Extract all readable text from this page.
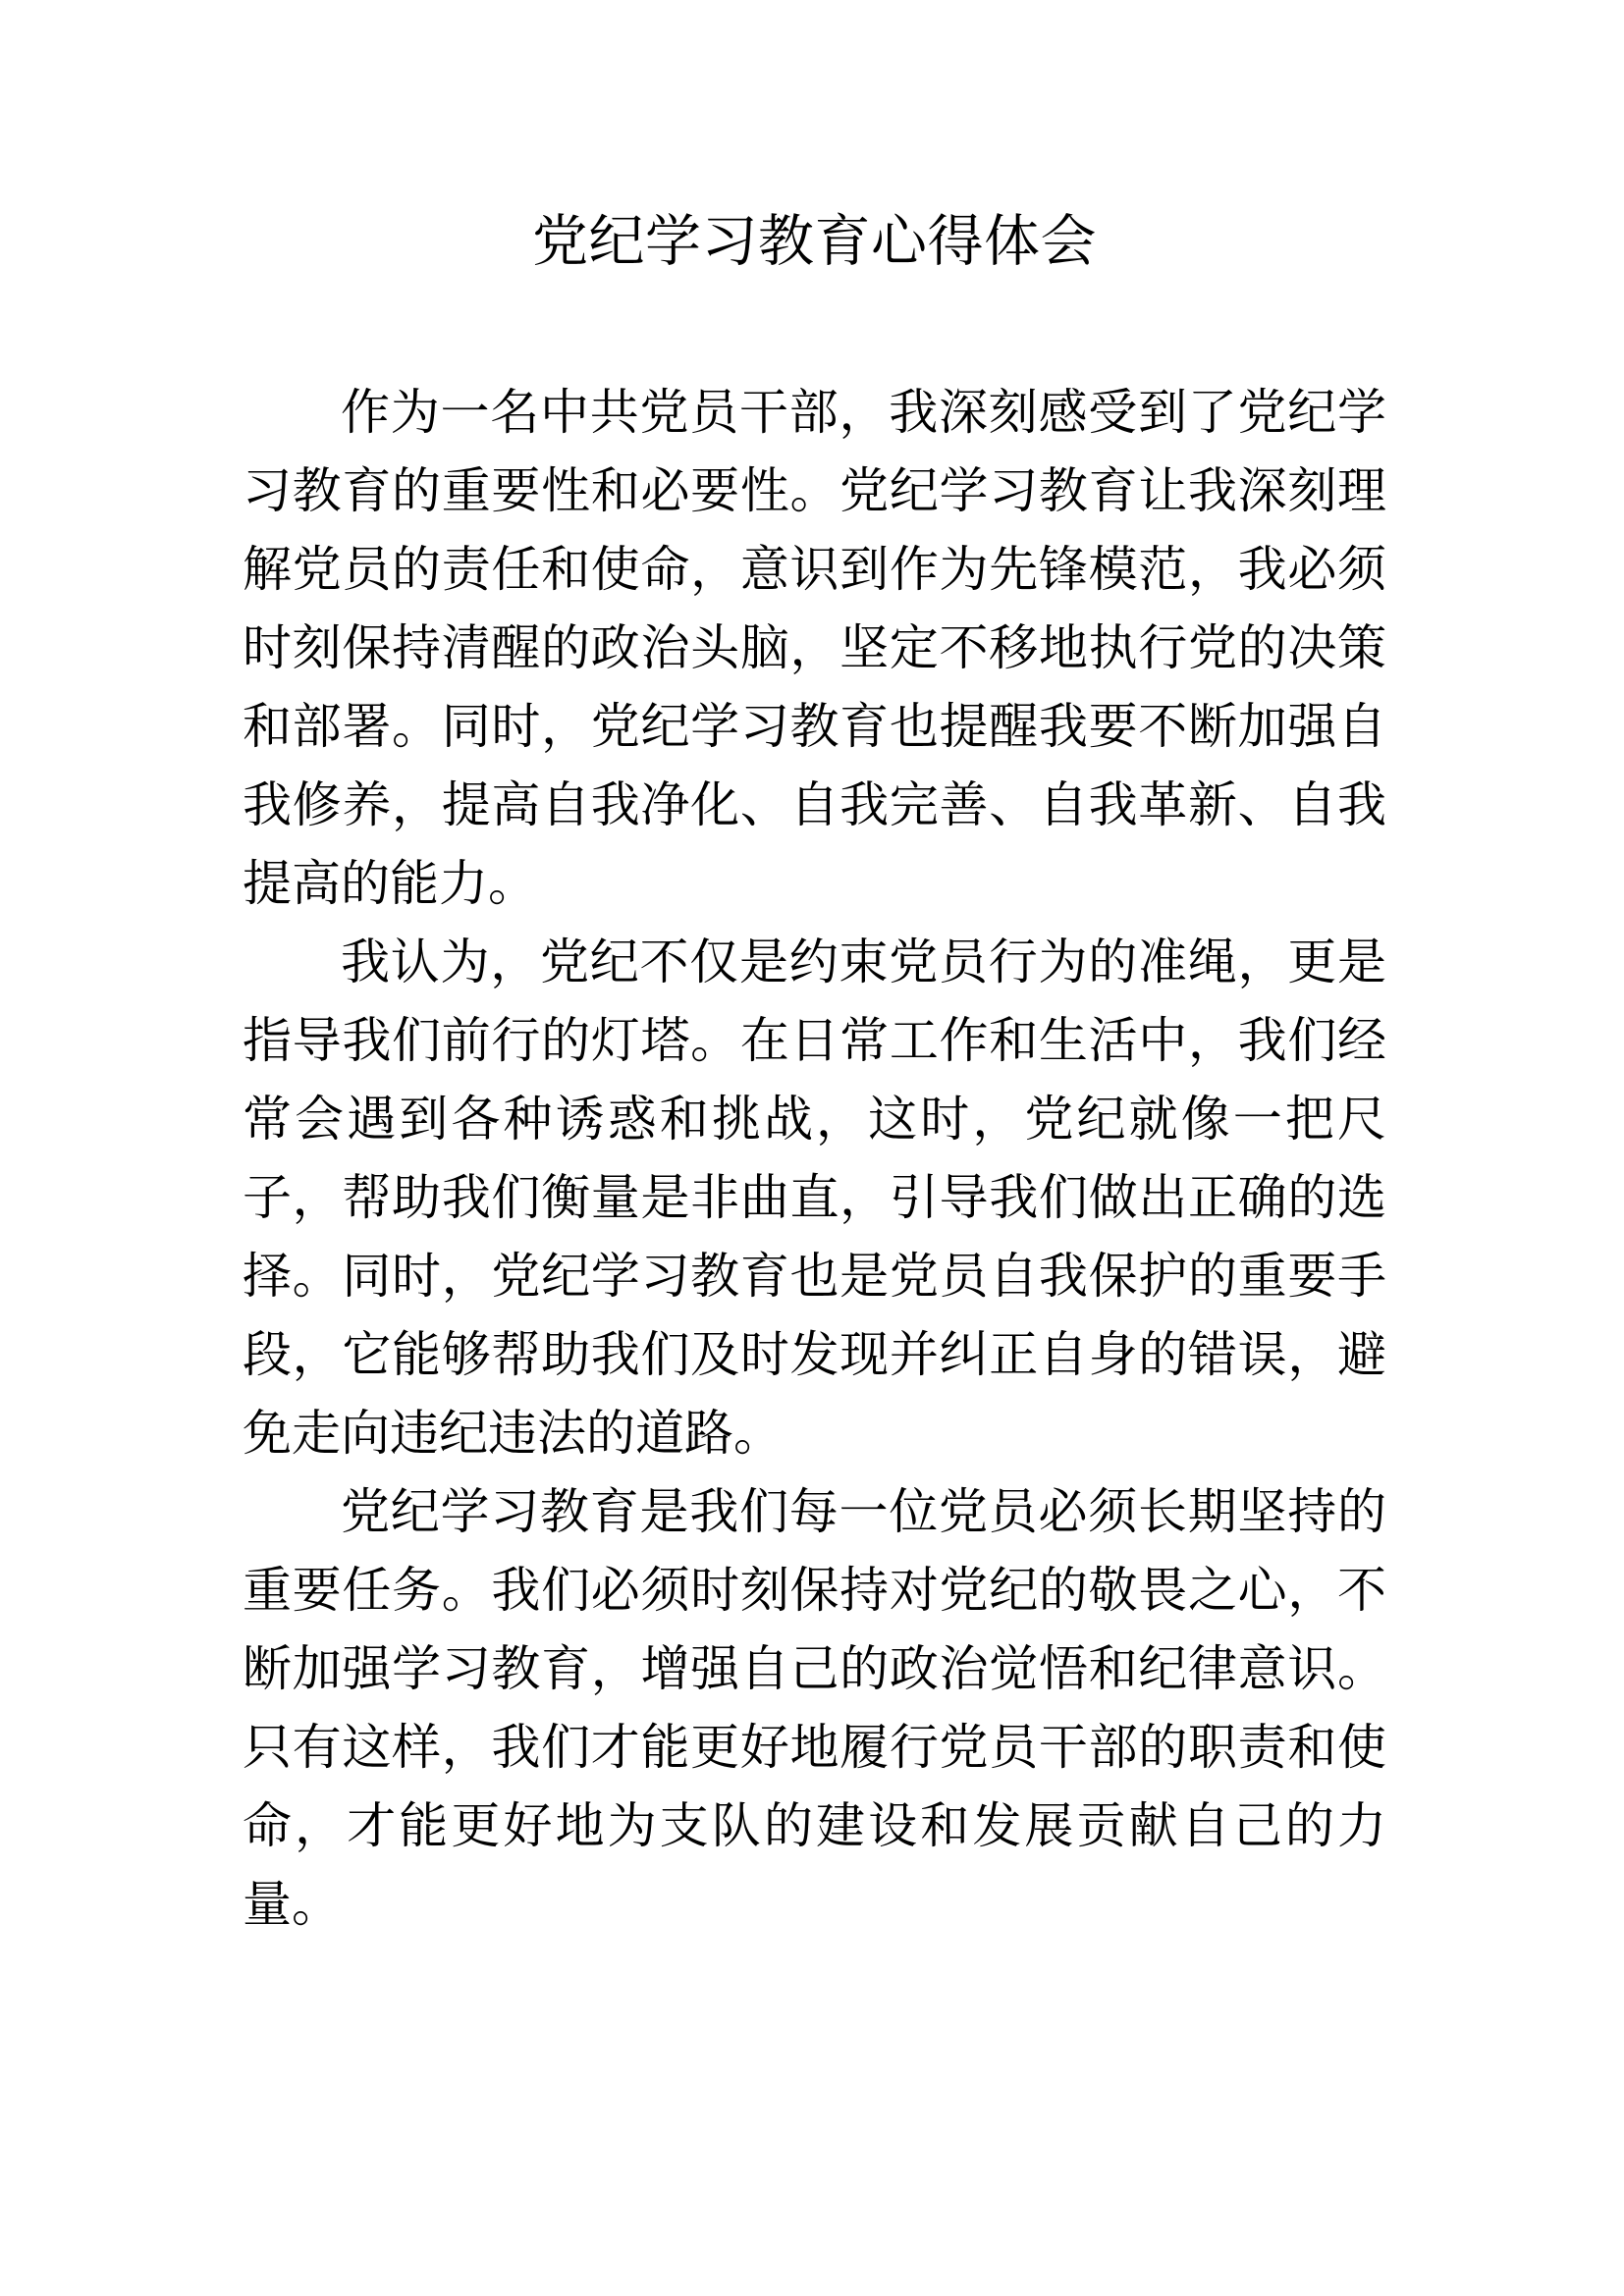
党纪学习教育心得体会

作为一名中共党员干部，我深刻感受到了党纪学习教育的重要性和必要性。党纪学习教育让我深刻理解党员的责任和使命，意识到作为先锋模范，我必须时刻保持清醒的政治头脑，坚定不移地执行党的决策和部署。同时，党纪学习教育也提醒我要不断加强自我修养，提高自我净化、自我完善、自我革新、自我提高的能力。

我认为，党纪不仅是约束党员行为的准绳，更是指导我们前行的灯塔。在日常工作和生活中，我们经常会遇到各种诱惑和挑战，这时，党纪就像一把尺子，帮助我们衡量是非曲直，引导我们做出正确的选择。同时，党纪学习教育也是党员自我保护的重要手段，它能够帮助我们及时发现并纠正自身的错误，避免走向违纪违法的道路。

党纪学习教育是我们每一位党员必须长期坚持的重要任务。我们必须时刻保持对党纪的敬畏之心，不断加强学习教育，增强自己的政治觉悟和纪律意识。只有这样，我们才能更好地履行党员干部的职责和使命，才能更好地为支队的建设和发展贡献自己的力量。
